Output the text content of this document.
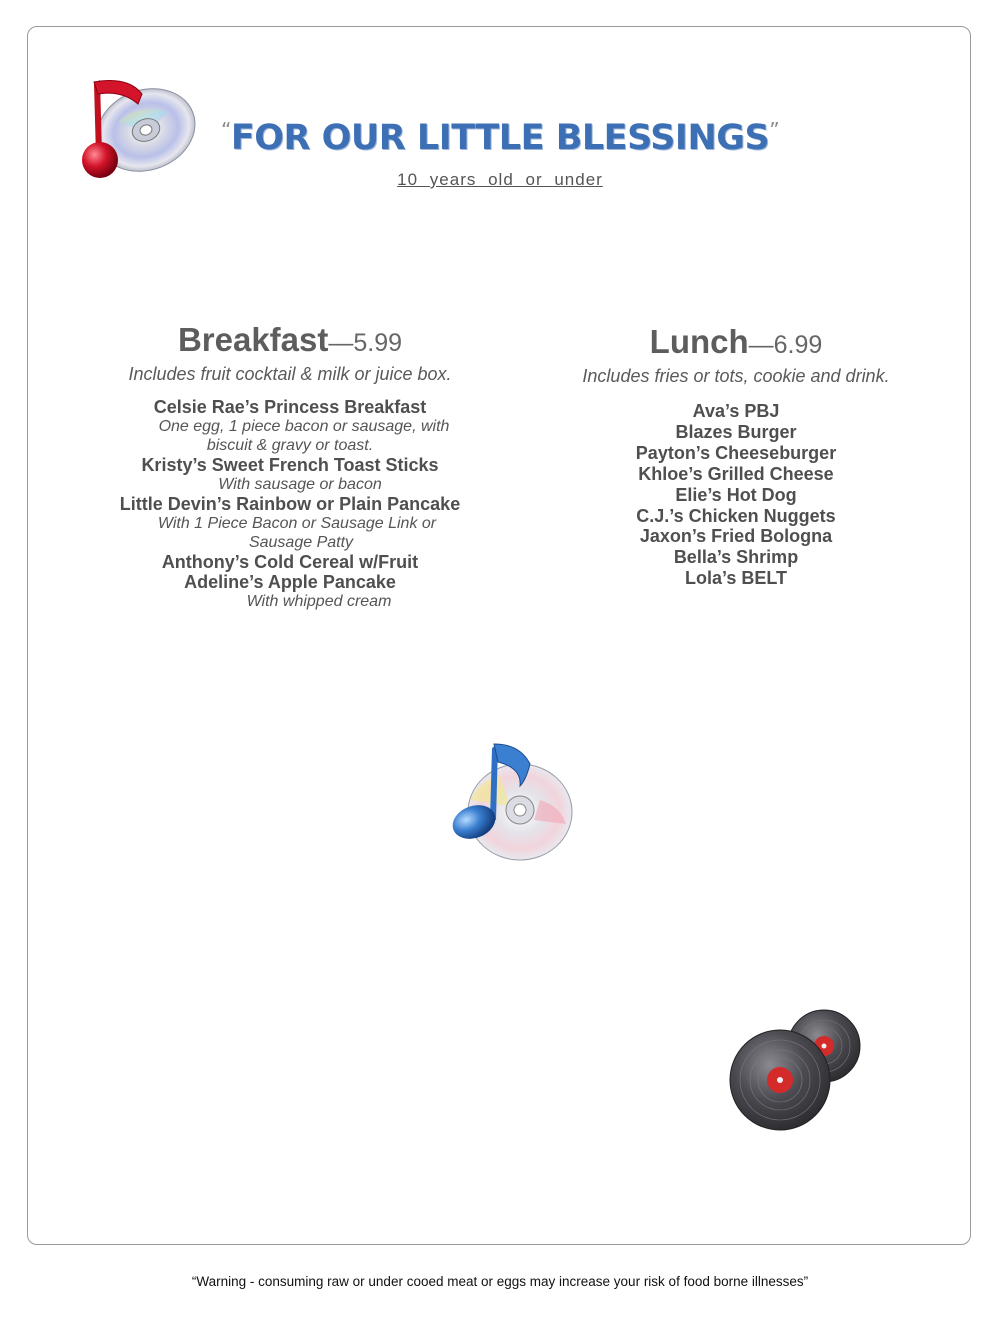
“FOR OUR LITTLE BLESSINGS”
10 years old or under
Breakfast—5.99
Includes fruit cocktail & milk or juice box.
Celsie Rae’s Princess Breakfast
One egg, 1 piece bacon or sausage, with
biscuit & gravy or toast.
Kristy’s Sweet French Toast Sticks
With sausage or bacon
Little Devin’s Rainbow or Plain Pancake
With 1 Piece Bacon or Sausage Link or
Sausage Patty
Anthony’s Cold Cereal w/Fruit
Adeline’s Apple Pancake
With whipped cream
Lunch—6.99
Includes fries or tots, cookie and drink.
Ava’s PBJ
Blazes Burger
Payton’s Cheeseburger
Khloe’s Grilled Cheese
Elie’s Hot Dog
C.J.’s Chicken Nuggets
Jaxon’s Fried Bologna
Bella’s Shrimp
Lola’s BELT
“Warning - consuming raw or under cooed meat or eggs may increase your risk of food borne illnesses”
